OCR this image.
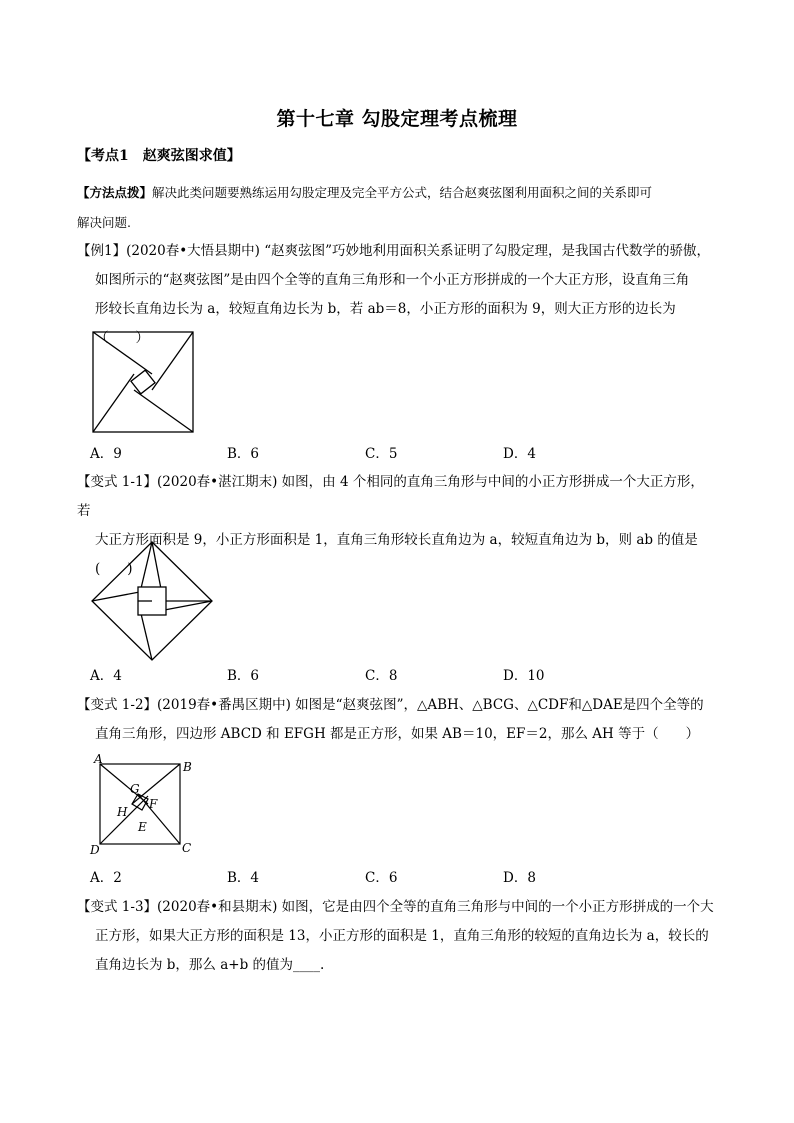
第十七章 勾股定理考点梳理
【考点1　赵爽弦图求值】
【方法点拨】解决此类问题要熟练运用勾股定理及完全平方公式，结合赵爽弦图利用面积之间的关系即可
解决问题.
【例1】(2020春•大悟县期中) “赵爽弦图”巧妙地利用面积关系证明了勾股定理，是我国古代数学的骄傲，
如图所示的“赵爽弦图”是由四个全等的直角三角形和一个小正方形拼成的一个大正方形，设直角三角
形较长直角边长为 a，较短直角边长为 b，若 ab＝8，小正方形的面积为 9，则大正方形的边长为（　　）
A．9	B．6	C．5	D．4
【变式 1-1】(2020春•湛江期末) 如图，由 4 个相同的直角三角形与中间的小正方形拼成一个大正方形，若
大正方形面积是 9，小正方形面积是 1，直角三角形较长直角边为 a，较短直角边为 b，则 ab 的值是(　　)
A．4	B．6	C．8	D．10
【变式 1-2】(2019春•番禺区期中) 如图是“赵爽弦图”，△ABH、△BCG、△CDF和△DAE是四个全等的
直角三角形，四边形 ABCD 和 EFGH 都是正方形，如果 AB＝10，EF＝2，那么 AH 等于（　　）
A
B
C
D
E
F
G
H
A．2	B．4	C．6	D．8
【变式 1-3】(2020春•和县期末) 如图，它是由四个全等的直角三角形与中间的一个小正方形拼成的一个大
正方形，如果大正方形的面积是 13，小正方形的面积是 1，直角三角形的较短的直角边长为 a，较长的
直角边长为 b，那么 a+b 的值为____.
